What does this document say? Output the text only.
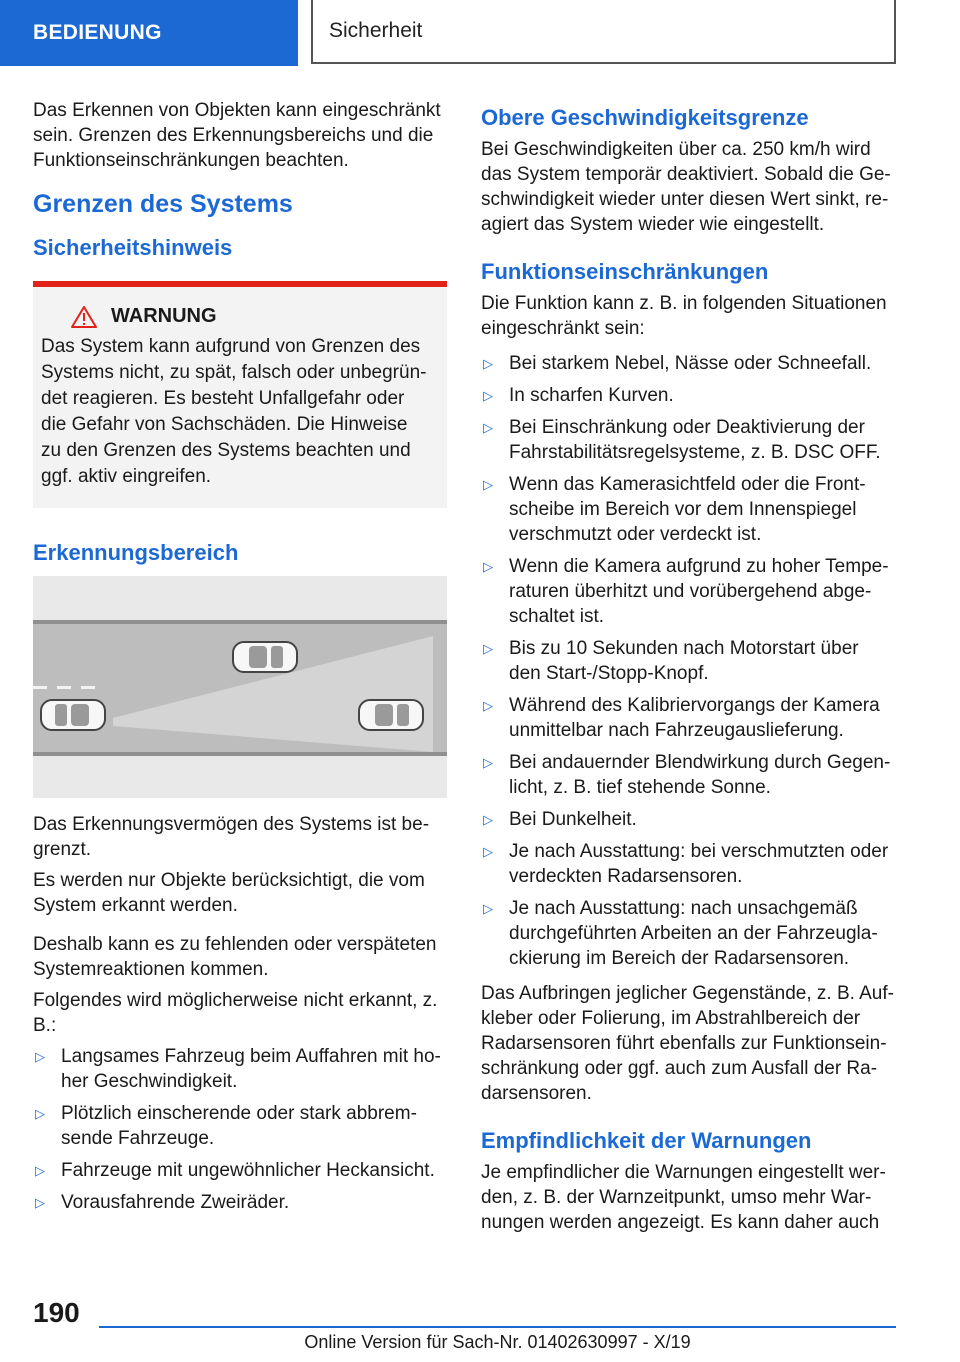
BEDIENUNG	Sicherheit

Das Erkennen von Objekten kann eingeschränkt sein. Grenzen des Erkennungsbereichs und die Funktionseinschränkungen beachten.

Grenzen des Systems
Sicherheitshinweis
WARNUNG

Das System kann aufgrund von Grenzen des Systems nicht, zu spät, falsch oder unbegründet reagieren. Es besteht Unfallgefahr oder die Gefahr von Sachschäden. Die Hinweise zu den Grenzen des Systems beachten und ggf. aktiv eingreifen.

Erkennungsbereich

Das Erkennungsvermögen des Systems ist begrenzt.

Es werden nur Objekte berücksichtigt, die vom System erkannt werden.

Deshalb kann es zu fehlenden oder verspäteten Systemreaktionen kommen.

Folgendes wird möglicherweise nicht erkannt, z. B.:

▷ Langsames Fahrzeug beim Auffahren mit hoher Geschwindigkeit.
▷ Plötzlich einscherende oder stark abbremsende Fahrzeuge.
▷ Fahrzeuge mit ungewöhnlicher Heckansicht.
▷ Vorausfahrende Zweiräder.
Obere Geschwindigkeitsgrenze

Bei Geschwindigkeiten über ca. 250 km/h wird das System temporär deaktiviert. Sobald die Geschwindigkeit wieder unter diesen Wert sinkt, reagiert das System wieder wie eingestellt.

Funktionseinschränkungen

Die Funktion kann z. B. in folgenden Situationen eingeschränkt sein:

▷ Bei starkem Nebel, Nässe oder Schneefall.
▷ In scharfen Kurven.
▷ Bei Einschränkung oder Deaktivierung der Fahrstabilitätsregelsysteme, z. B. DSC OFF.
▷ Wenn das Kamerasichtfeld oder die Frontscheibe im Bereich vor dem Innenspiegel verschmutzt oder verdeckt ist.
▷ Wenn die Kamera aufgrund zu hoher Temperaturen überhitzt und vorübergehend abgeschaltet ist.
▷ Bis zu 10 Sekunden nach Motorstart über den Start-/Stopp-Knopf.
▷ Während des Kalibriervorgangs der Kamera unmittelbar nach Fahrzeugauslieferung.
▷ Bei andauernder Blendwirkung durch Gegenlicht, z. B. tief stehende Sonne.
▷ Bei Dunkelheit.
▷ Je nach Ausstattung: bei verschmutzten oder verdeckten Radarsensoren.
▷ Je nach Ausstattung: nach unsachgemäß durchgeführten Arbeiten an der Fahrzeuglackierung im Bereich der Radarsensoren.

Das Aufbringen jeglicher Gegenstände, z. B. Aufkleber oder Folierung, im Abstrahlbereich der Radarsensoren führt ebenfalls zur Funktionseinschränkung oder ggf. auch zum Ausfall der Radarsensoren.

Empfindlichkeit der Warnungen

Je empfindlicher die Warnungen eingestellt werden, z. B. der Warnzeitpunkt, umso mehr Warnungen werden angezeigt. Es kann daher auch

190
Online Version für Sach-Nr. 01402630997 - X/19
